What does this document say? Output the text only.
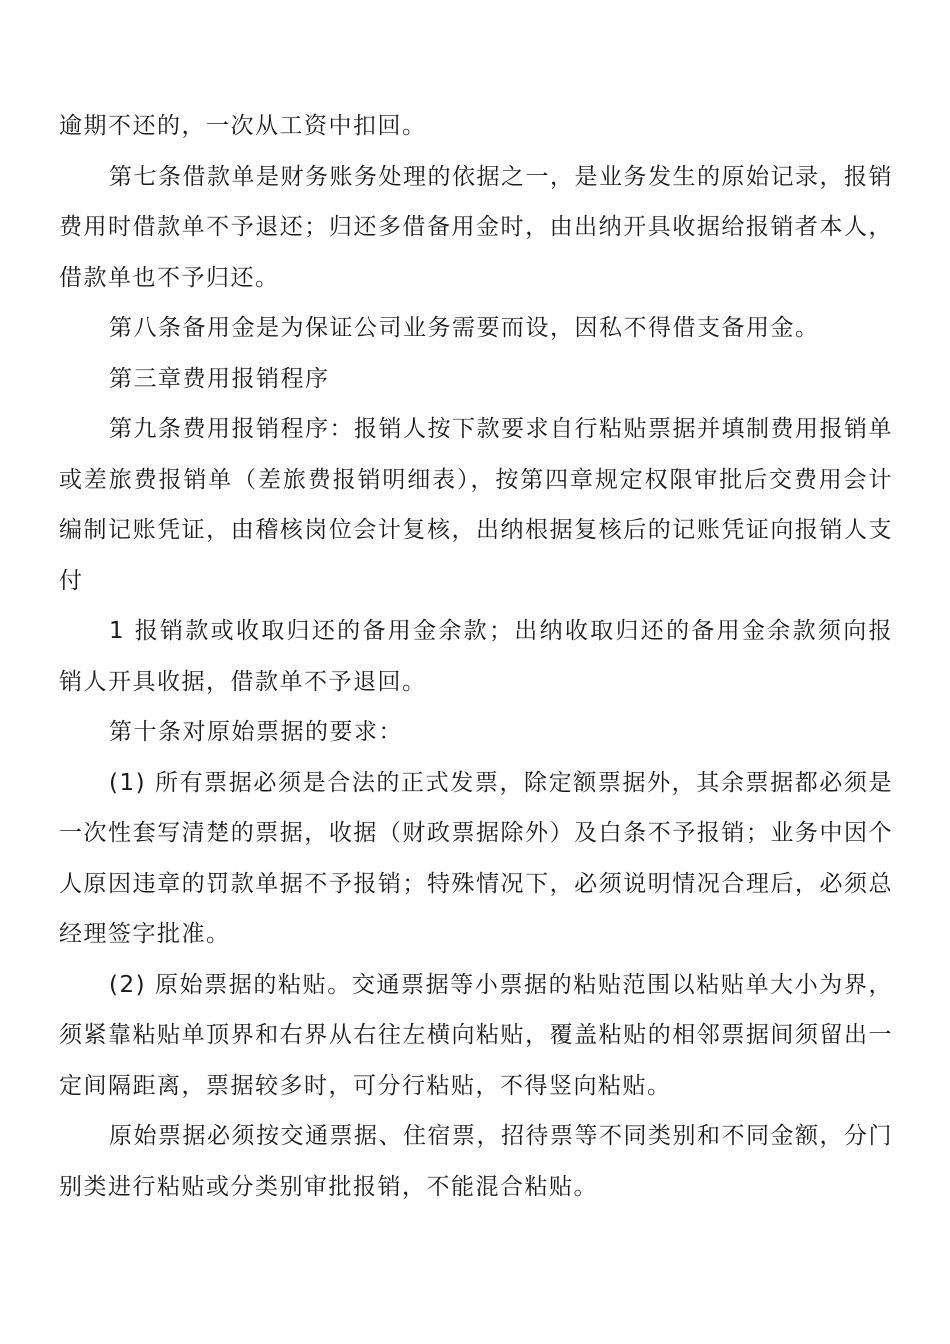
逾期不还的，一次从工资中扣回。

第七条借款单是财务账务处理的依据之一，是业务发生的原始记录，报销费用时借款单不予退还；归还多借备用金时，由出纳开具收据给报销者本人，借款单也不予归还。

第八条备用金是为保证公司业务需要而设，因私不得借支备用金。

第三章费用报销程序

第九条费用报销程序：报销人按下款要求自行粘贴票据并填制费用报销单或差旅费报销单（差旅费报销明细表），按第四章规定权限审批后交费用会计编制记账凭证，由稽核岗位会计复核，出纳根据复核后的记账凭证向报销人支付

1 报销款或收取归还的备用金余款；出纳收取归还的备用金余款须向报销人开具收据，借款单不予退回。

第十条对原始票据的要求：

(1) 所有票据必须是合法的正式发票，除定额票据外，其余票据都必须是一次性套写清楚的票据，收据（财政票据除外）及白条不予报销；业务中因个人原因违章的罚款单据不予报销；特殊情况下，必须说明情况合理后，必须总经理签字批准。

(2) 原始票据的粘贴。交通票据等小票据的粘贴范围以粘贴单大小为界，须紧靠粘贴单顶界和右界从右往左横向粘贴，覆盖粘贴的相邻票据间须留出一定间隔距离，票据较多时，可分行粘贴，不得竖向粘贴。

原始票据必须按交通票据、住宿票，招待票等不同类别和不同金额，分门别类进行粘贴或分类别审批报销，不能混合粘贴。
